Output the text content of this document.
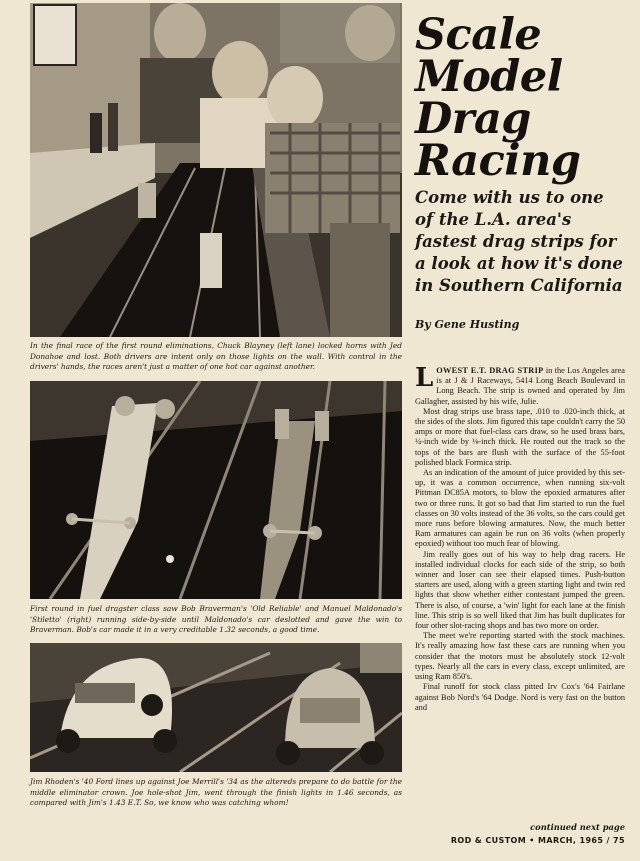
In the final race of the first round eliminations, Chuck Blayney (left lane) locked horns with Jed Donahoe and lost. Both drivers are intent only on those lights on the wall. With control in the drivers' hands, the races aren't just a matter of one hot car against another.
First round in fuel dragster class saw Bob Braverman's 'Old Reliable' and Manuel Maldonado's 'Stiletto' (right) running side-by-side until Maldonado's car deslotted and gave the win to Braverman. Bob's car made it in a very creditable 1.32 seconds, a good time.
Jim Rhoden's '40 Ford lines up against Joe Merrill's '34 as the altereds prepare to do battle for the middle eliminator crown. Joe hole-shot Jim, went through the finish lights in 1.46 seconds, as compared with Jim's 1.43 E.T. So, we know who was catching whom!
Scale
Model
Drag
Racing
Come with us to one of the L.A. area's fastest drag strips for a look at how it's done in Southern California
By Gene Husting

LOWEST E.T. DRAG STRIP in the Los Angeles area is at J & J Raceways, 5414 Long Beach Boulevard in Long Beach. The strip is owned and operated by Jim Gallagher, assisted by his wife, Julie.

Most drag strips use brass tape, .010 to .020-inch thick, at the sides of the slots. Jim figured this tape couldn't carry the 50 amps or more that fuel-class cars draw, so he used brass bars, ¼-inch wide by ⅛-inch thick. He routed out the track so the tops of the bars are flush with the surface of the 55-foot polished black Formica strip.

As an indication of the amount of juice provided by this set-up, it was a common occurrence, when running six-volt Pittman DC85A motors, to blow the epoxied armatures after two or three runs. It got so bad that Jim started to run the fuel classes on 30 volts instead of the 36 volts, so the cars could get more runs before blowing armatures. Now, the much better Ram armatures can again be run on 36 volts (when properly epoxied) without too much fear of blowing.

Jim really goes out of his way to help drag racers. He installed individual clocks for each side of the strip, so both winner and loser can see their elapsed times. Push-button starters are used, along with a green starting light and twin red lights that show whether either contestant jumped the green. There is also, of course, a 'win' light for each lane at the finish line. This strip is so well liked that Jim has built duplicates for four other slot-racing shops and has two more on order.

The meet we're reporting started with the stock machines. It's really amazing how fast these cars are running when you consider that the motors must be absolutely stock 12-volt types. Nearly all the cars in every class, except unlimited, are using Ram 850's.

Final runoff for stock class pitted Irv Cox's '64 Fairlane against Bob Nord's '64 Dodge. Nord is very fast on the button and

continued next page
ROD & CUSTOM • MARCH, 1965 / 75
